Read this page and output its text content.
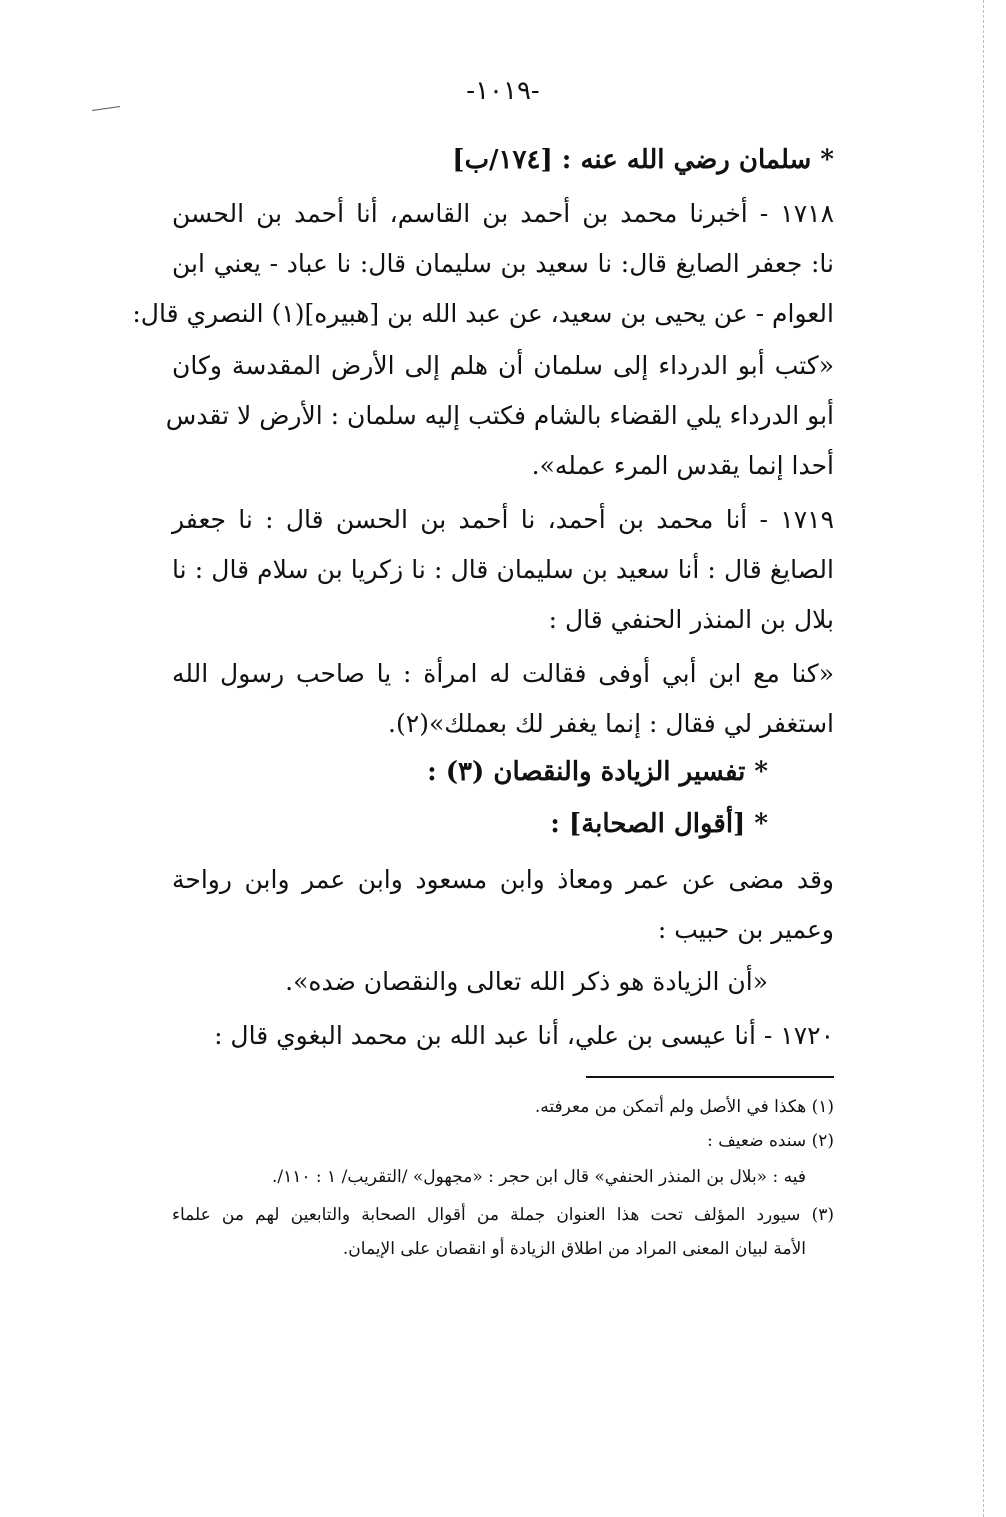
-١٠١٩-
* سلمان رضي الله عنه : [١٧٤/ب]
١٧١٨ - أخبرنا محمد بن أحمد بن القاسم، أنا أحمد بن الحسن
نا: جعفر الصايغ قال: نا سعيد بن سليمان قال: نا عباد - يعني ابن
العوام - عن يحيى بن سعيد، عن عبد الله بن [هبيره](١) النصري قال:
«كتب أبو الدرداء إلى سلمان أن هلم إلى الأرض المقدسة وكان
أبو الدرداء يلي القضاء بالشام فكتب إليه سلمان : الأرض لا تقدس
أحدا إنما يقدس المرء عمله».
١٧١٩ - أنا محمد بن أحمد، نا أحمد بن الحسن قال : نا جعفر
الصايغ قال : أنا سعيد بن سليمان قال : نا زكريا بن سلام قال : نا
بلال بن المنذر الحنفي قال :
«كنا مع ابن أبي أوفى فقالت له امرأة : يا صاحب رسول الله
استغفر لي فقال : إنما يغفر لك بعملك»(٢).
* تفسير الزيادة والنقصان (٣) :
* [أقوال الصحابة] :
وقد مضى عن عمر ومعاذ وابن مسعود وابن عمر وابن رواحة
وعمير بن حبيب :
«أن الزيادة هو ذكر الله تعالى والنقصان ضده».
١٧٢٠ - أنا عيسى بن علي، أنا عبد الله بن محمد البغوي قال :
(١) هكذا في الأصل ولم أتمكن من معرفته.
(٢) سنده ضعيف :
فيه : «بلال بن المنذر الحنفي» قال ابن حجر : «مجهول» /التقريب/ ١ : ١١٠/.
(٣) سيورد المؤلف تحت هذا العنوان جملة من أقوال الصحابة والتابعين لهم من علماء
الأمة لبيان المعنى المراد من اطلاق الزيادة أو انقصان على الإيمان.
